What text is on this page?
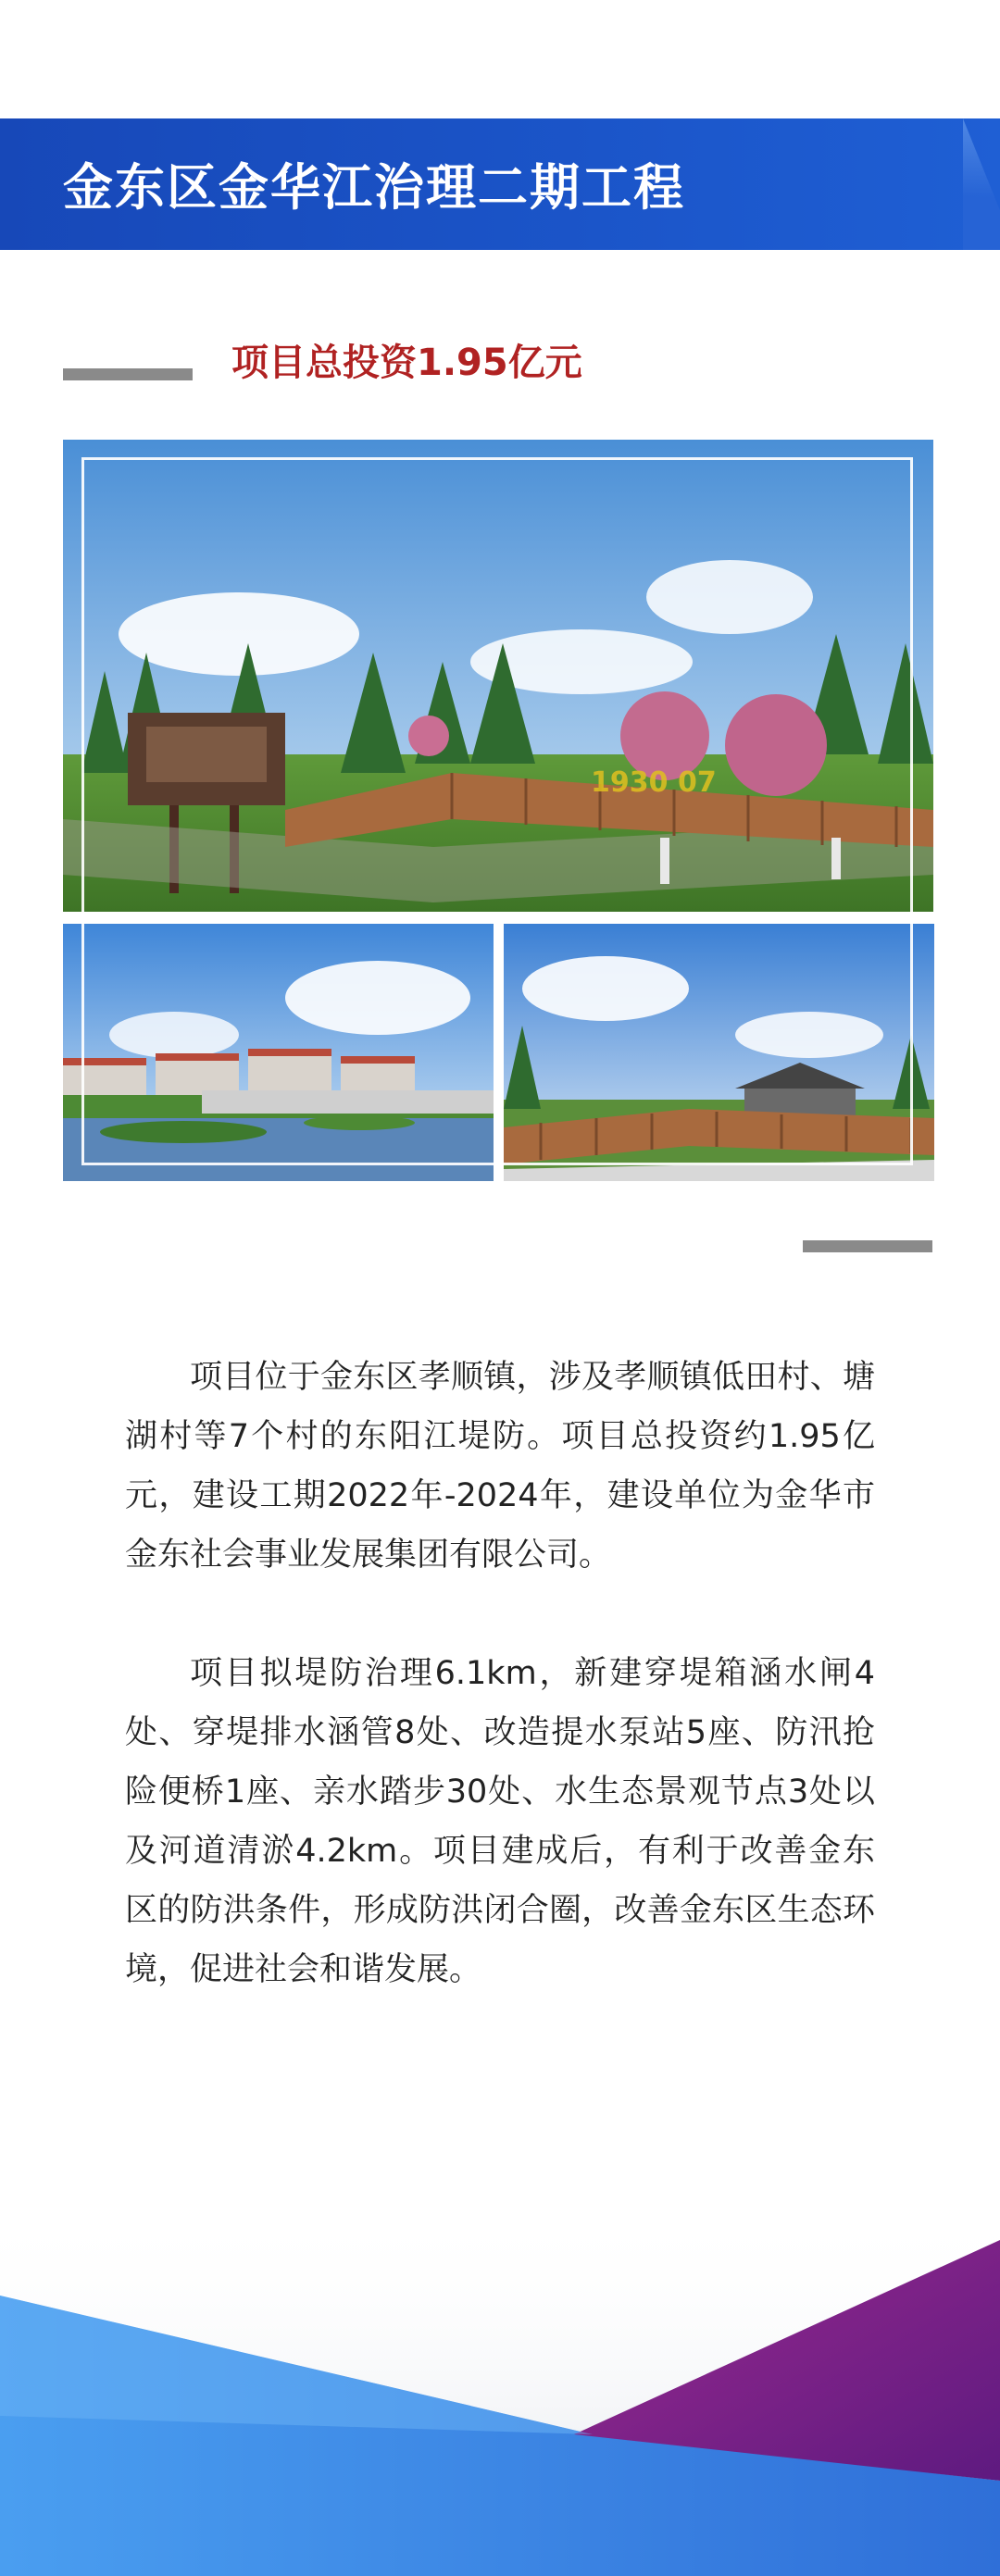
金东区金华江治理二期工程
项目总投资1.95亿元
1930 07

项目位于金东区孝顺镇，涉及孝顺镇低田村、塘湖村等7个村的东阳江堤防。项目总投资约1.95亿元，建设工期2022年-2024年，建设单位为金华市金东社会事业发展集团有限公司。

项目拟堤防治理6.1km，新建穿堤箱涵水闸4处、穿堤排水涵管8处、改造提水泵站5座、防汛抢险便桥1座、亲水踏步30处、水生态景观节点3处以及河道清淤4.2km。项目建成后，有利于改善金东区的防洪条件，形成防洪闭合圈，改善金东区生态环境，促进社会和谐发展。
